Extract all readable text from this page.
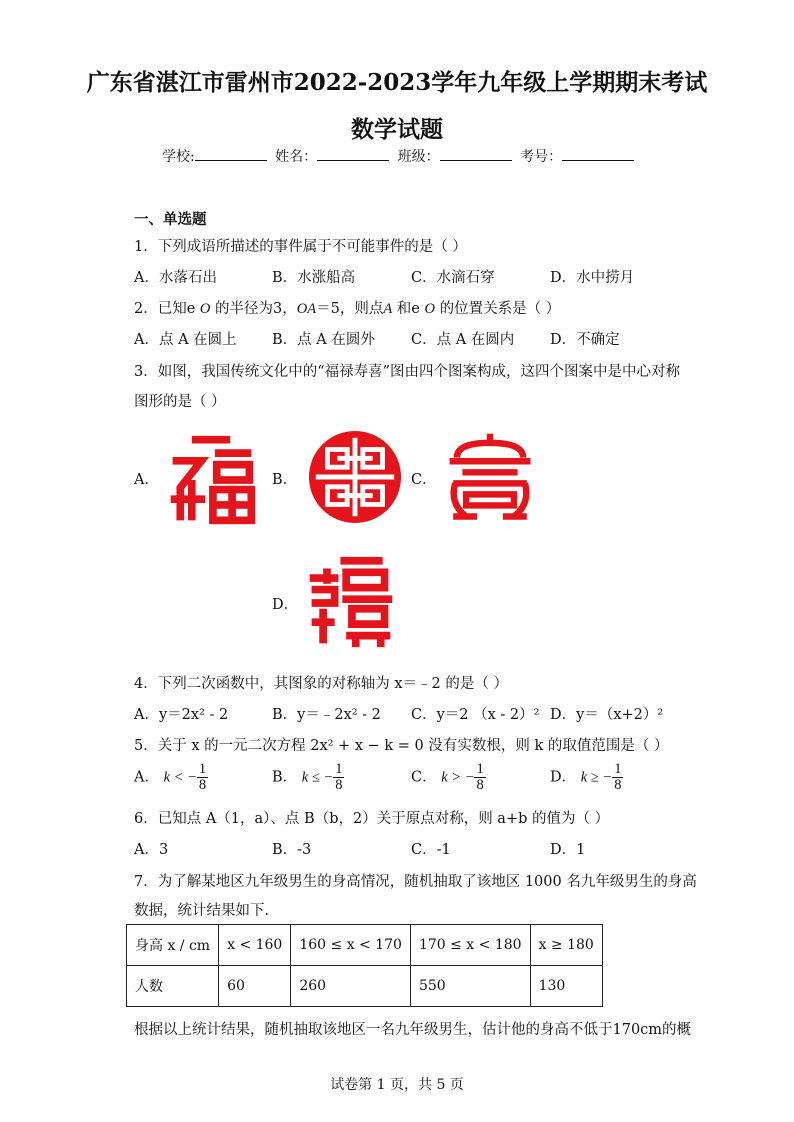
广东省湛江市雷州市2022-2023学年九年级上学期期末考试
数学试题
学校:	姓名：	班级：	考号：
一、单选题
1．下列成语所描述的事件属于不可能事件的是（ ）
A．水落石出	B．水涨船高	C．水滴石穿	D．水中捞月
2．已知e O 的半径为3，OA＝5，则点A 和e O 的位置关系是（ ）
A．点 A 在圆上 B．点 A 在圆外 C．点 A 在圆内 D．不确定
3．如图，我国传统文化中的“福禄寿喜”图由四个图案构成，这四个图案中是中心对称
图形的是（ ）
A．	B．	C．
D．
4．下列二次函数中，其图象的对称轴为 x＝﹣2 的是（ ）
A．y＝2x² - 2	B．y＝﹣2x² - 2 C．y＝2 （x - 2）² D．y＝（x+2）²
5．关于 x 的一元二次方程 2x² + x − k = 0 没有实数根，则 k 的取值范围是（ ）
A． k < − $\frac{1}{8}$	B． k ≤ − $\frac{1}{8}$	C． k > − $\frac{1}{8}$	D． k ≥ − $\frac{1}{8}$
6．已知点 A（1，a）、点 B（b，2）关于原点对称，则 a+b 的值为（ ）
A．3	B．-3	C．-1	D．1
7．为了解某地区九年级男生的身高情况，随机抽取了该地区 1000 名九年级男生的身高
数据，统计结果如下.
身高 x / cm	x < 160	160 ≤ x < 170	170 ≤ x < 180	x ≥ 180
人数	60	260	550	130
根据以上统计结果，随机抽取该地区一名九年级男生，估计他的身高不低于170cm的概
试卷第 1 页，共 5 页
